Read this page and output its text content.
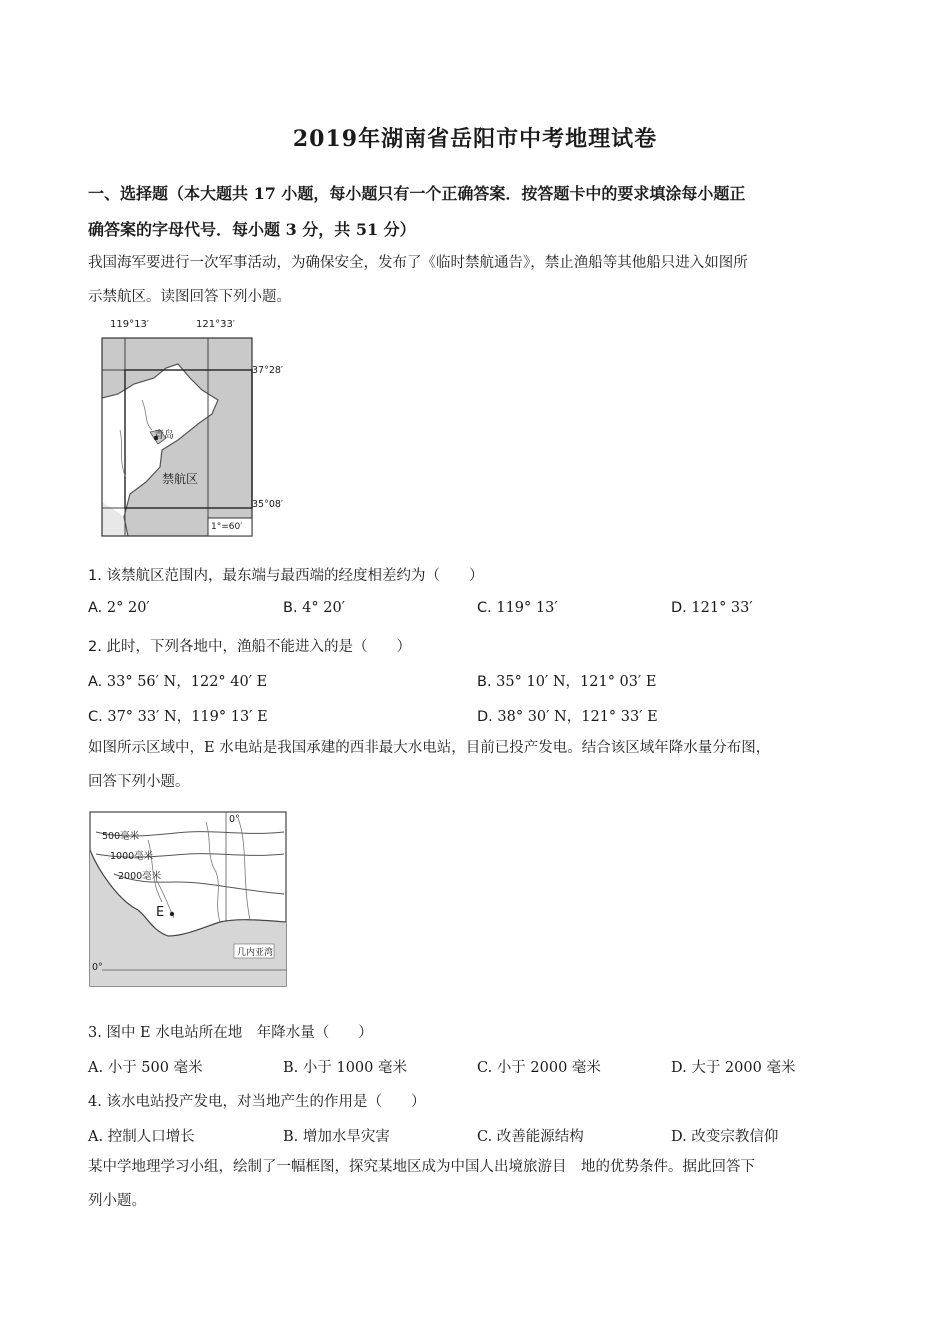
2019年湖南省岳阳市中考地理试卷
一、选择题（本大题共 17 小题，每小题只有一个正确答案．按答题卡中的要求填涂每小题正
确答案的字母代号．每小题 3 分，共 51 分）
我国海军要进行一次军事活动，为确保安全，发布了《临时禁航通告》，禁止渔船等其他船只进入如图所
示禁航区。读图回答下列小题。
119°13′	121°33′
37°28′
35°08′
青岛
禁航区
1°=60′
1. 该禁航区范围内，最东端与最西端的经度相差约为（　　）
A. 2° 20′	B. 4° 20′	C. 119° 13′	D. 121° 33′
2. 此时，下列各地中，渔船不能进入的是（　　）
A. 33° 56′ N，122° 40′ E	B. 35° 10′ N，121° 03′ E
C. 37° 33′ N，119° 13′ E	D. 38° 30′ N，121° 33′ E
如图所示区域中，E 水电站是我国承建的西非最大水电站，目前已投产发电。结合该区域年降水量分布图，
回答下列小题。
500毫米
1000毫米
2000毫米
E
几内亚湾
0°
0°
3. 图中 E 水电站所在地　年降水量（　　）
A. 小于 500 毫米	B. 小于 1000 毫米	C. 小于 2000 毫米	D. 大于 2000 毫米
4. 该水电站投产发电，对当地产生的作用是（　　）
A. 控制人口增长	B. 增加水旱灾害	C. 改善能源结构	D. 改变宗教信仰
某中学地理学习小组，绘制了一幅框图，探究某地区成为中国人出境旅游目　地的优势条件。据此回答下
列小题。
